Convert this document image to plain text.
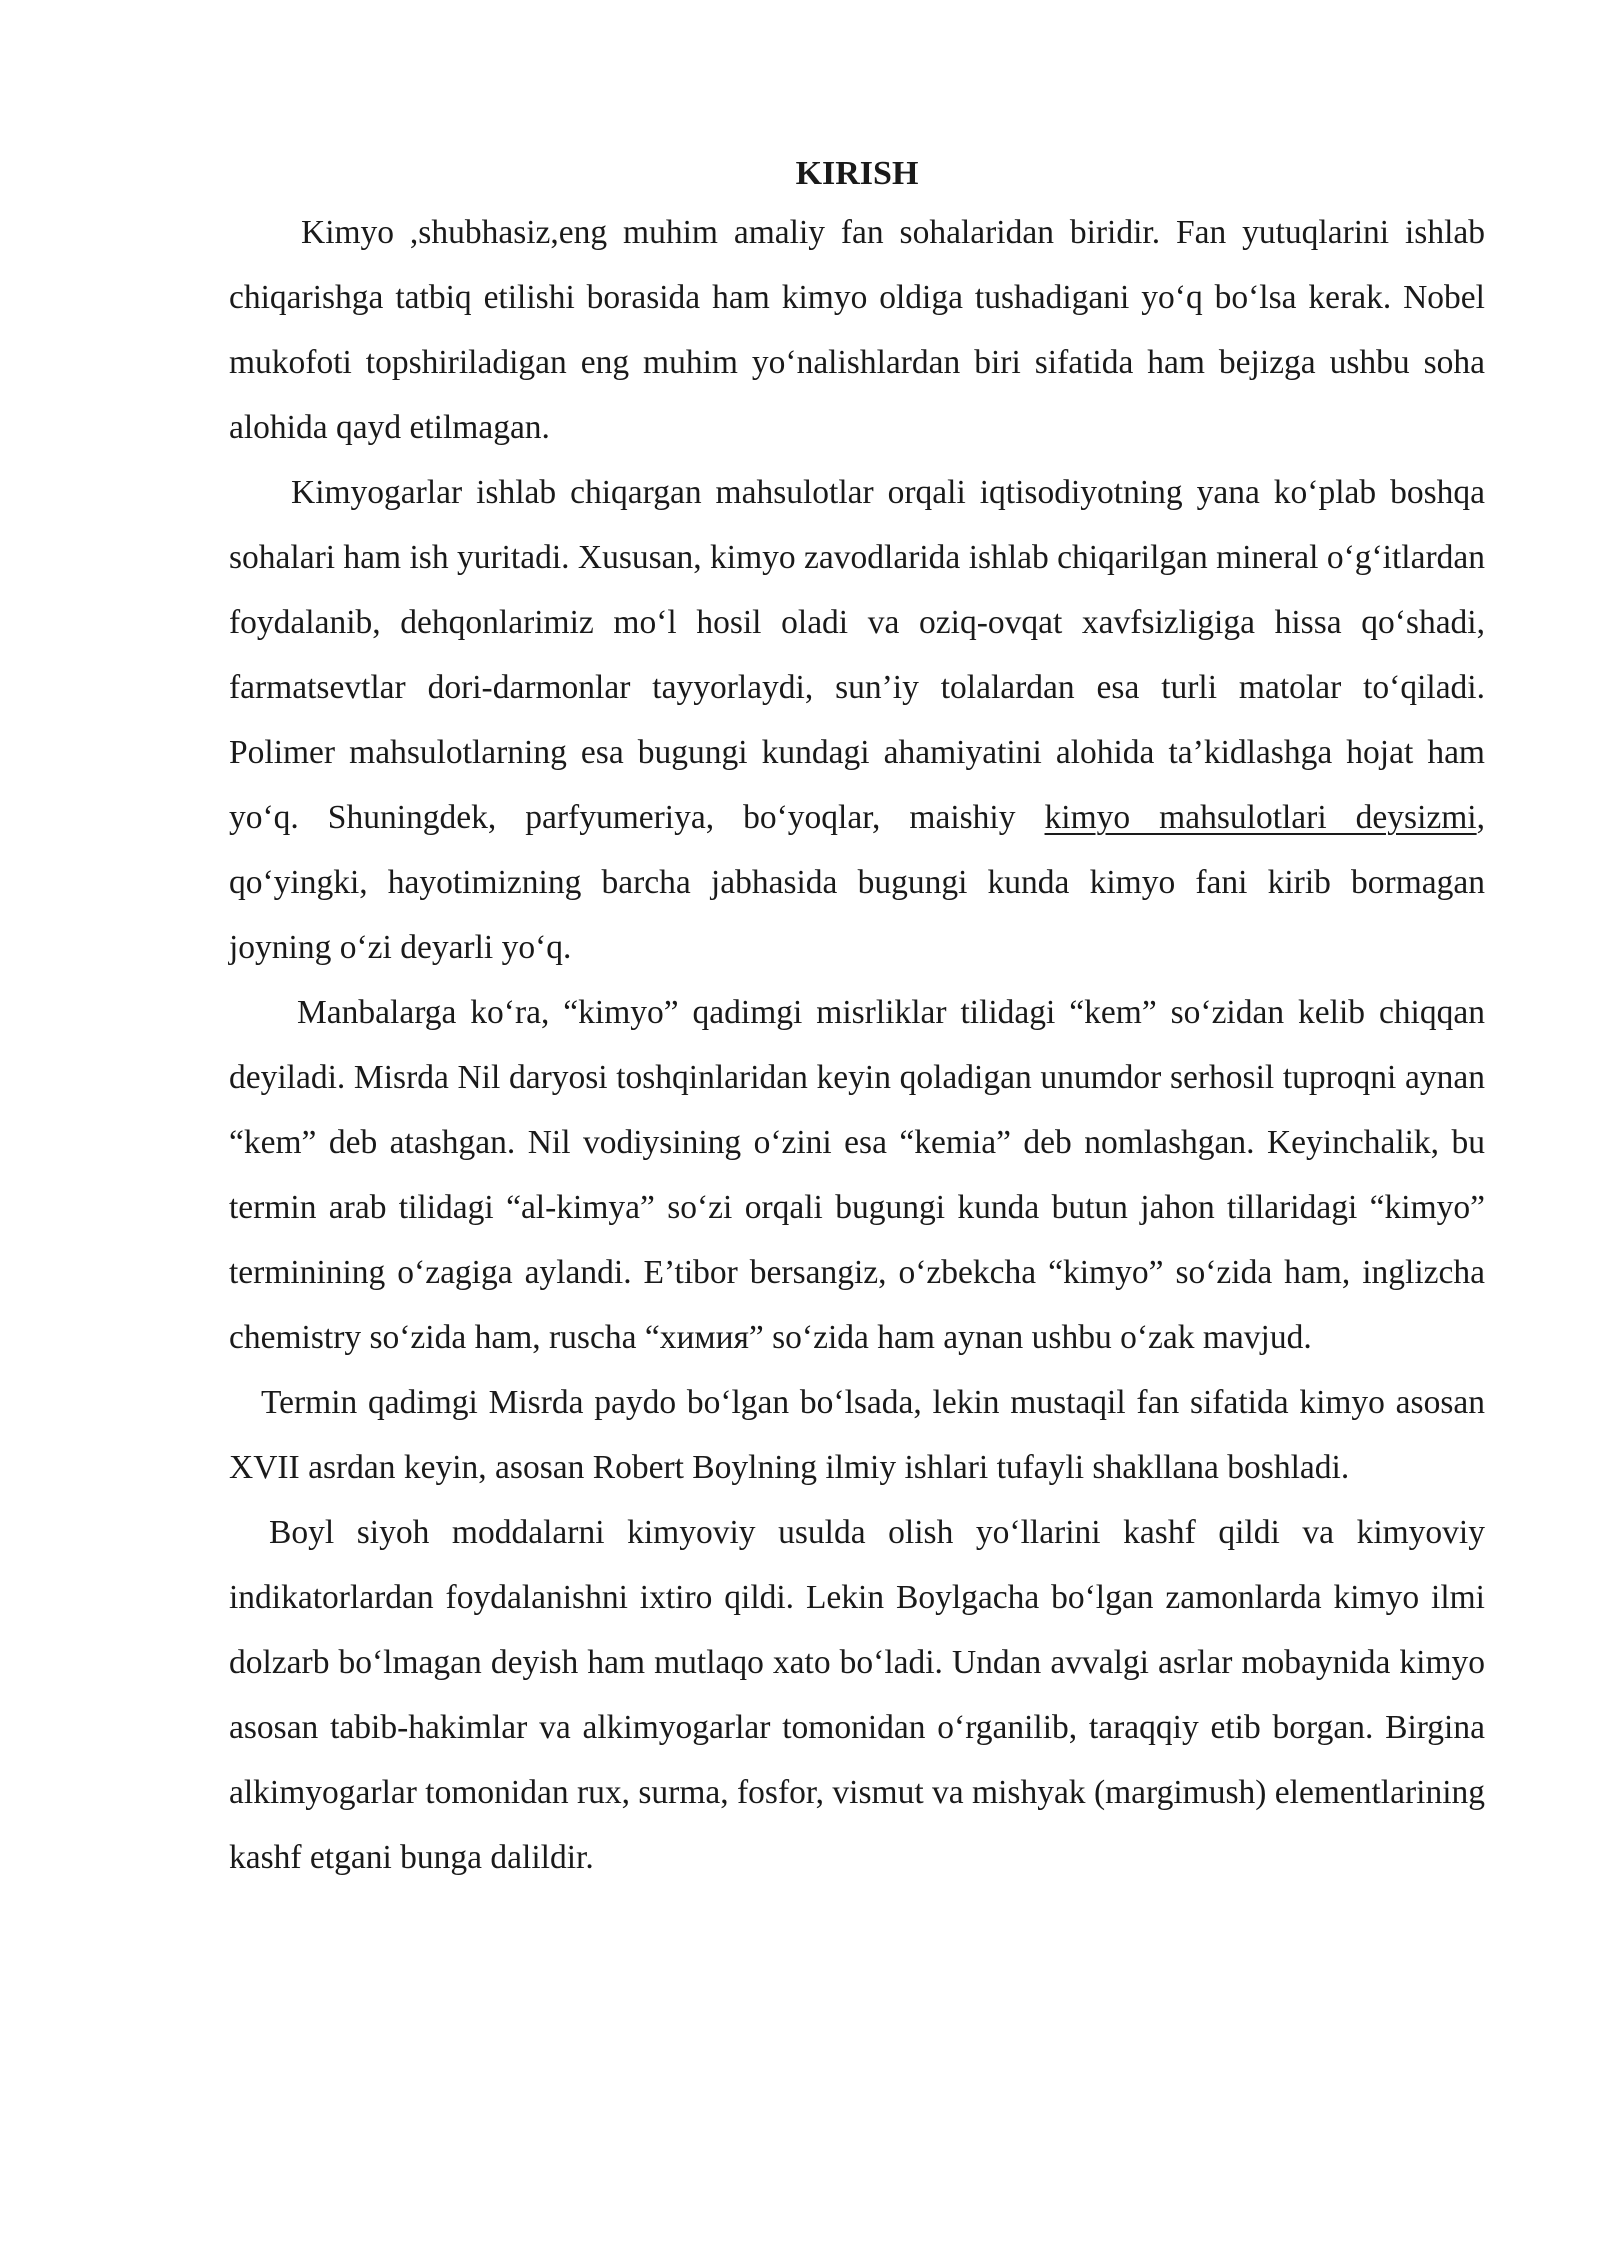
KIRISH

Kimyo ,shubhasiz,eng muhim amaliy fan sohalaridan biridir. Fan yutuqlarini ishlab chiqarishga tatbiq etilishi borasida ham kimyo oldiga tushadigani yo‘q bo‘lsa kerak. Nobel mukofoti topshiriladigan eng muhim yo‘nalishlardan biri sifatida ham bejizga ushbu soha alohida qayd etilmagan.

Kimyogarlar ishlab chiqargan mahsulotlar orqali iqtisodiyotning yana ko‘plab boshqa sohalari ham ish yuritadi. Xususan, kimyo zavodlarida ishlab chiqarilgan mineral o‘g‘itlardan foydalanib, dehqonlarimiz mo‘l hosil oladi va oziq-ovqat xavfsizligiga hissa qo‘shadi, farmatsevtlar dori-darmonlar tayyorlaydi, sun’iy tolalardan esa turli matolar to‘qiladi. Polimer mahsulotlarning esa bugungi kundagi ahamiyatini alohida ta’kidlashga hojat ham yo‘q. Shuningdek, parfyumeriya, bo‘yoqlar, maishiy kimyo mahsulotlari deysizmi, qo‘yingki, hayotimizning barcha jabhasida bugungi kunda kimyo fani kirib bormagan joyning o‘zi deyarli yo‘q.

Manbalarga ko‘ra, “kimyo” qadimgi misrliklar tilidagi “kem” so‘zidan kelib chiqqan deyiladi. Misrda Nil daryosi toshqinlaridan keyin qoladigan unumdor serhosil tuproqni aynan “kem” deb atashgan. Nil vodiysining o‘zini esa “kemia” deb nomlashgan. Keyinchalik, bu termin arab tilidagi “al-kimya” so‘zi orqali bugungi kunda butun jahon tillaridagi “kimyo” terminining o‘zagiga aylandi. E’tibor bersangiz, o‘zbekcha “kimyo” so‘zida ham, inglizcha chemistry so‘zida ham, ruscha “химия” so‘zida ham aynan ushbu o‘zak mavjud.

Termin qadimgi Misrda paydo bo‘lgan bo‘lsada, lekin mustaqil fan sifatida kimyo asosan XVII asrdan keyin, asosan Robert Boylning ilmiy ishlari tufayli shakllana boshladi.

Boyl siyoh moddalarni kimyoviy usulda olish yo‘llarini kashf qildi va kimyoviy indikatorlardan foydalanishni ixtiro qildi. Lekin Boylgacha bo‘lgan zamonlarda kimyo ilmi dolzarb bo‘lmagan deyish ham mutlaqo xato bo‘ladi. Undan avvalgi asrlar mobaynida kimyo asosan tabib-hakimlar va alkimyogarlar tomonidan o‘rganilib, taraqqiy etib borgan. Birgina alkimyogarlar tomonidan rux, surma, fosfor, vismut va mishyak (margimush) elementlarining kashf etgani bunga dalildir.
